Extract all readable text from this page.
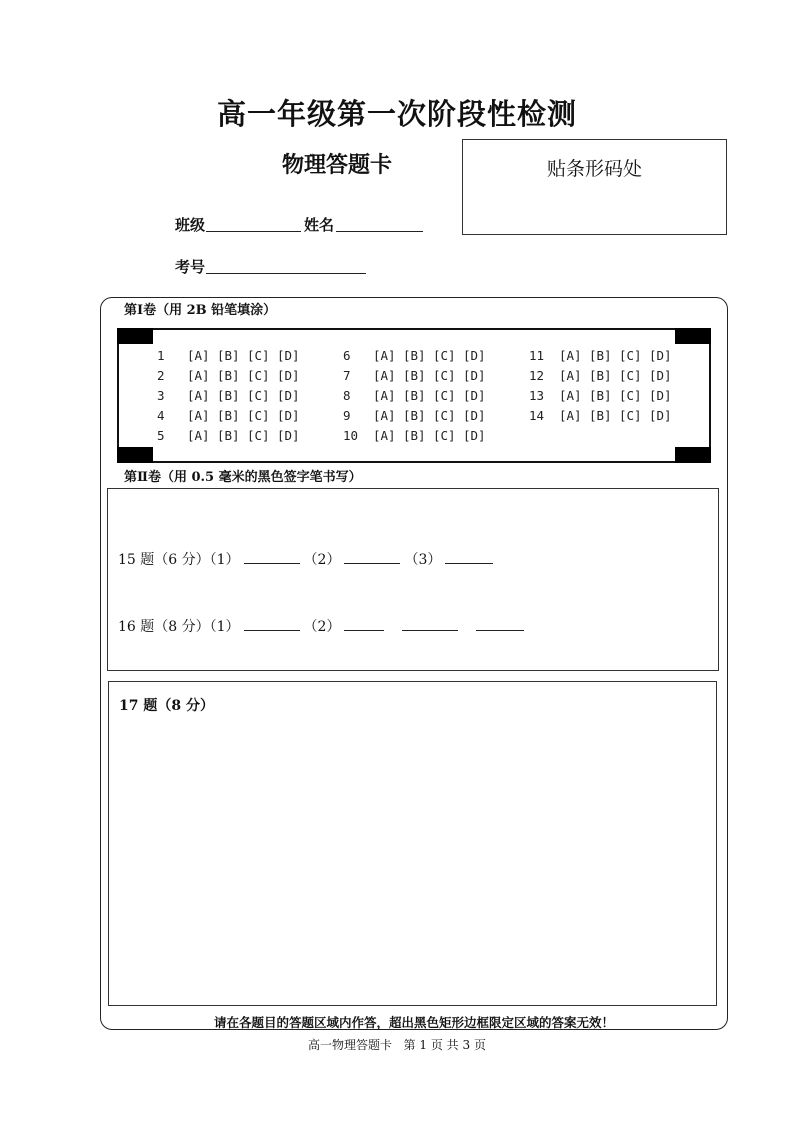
高一年级第一次阶段性检测
物理答题卡	贴条形码处
班级	姓名
考号
第Ⅰ卷（用 2B 铅笔填涂）
1 [A] [B] [C] [D]
2 [A] [B] [C] [D]
3 [A] [B] [C] [D]
4 [A] [B] [C] [D]
5 [A] [B] [C] [D]
6 [A] [B] [C] [D]
7 [A] [B] [C] [D]
8 [A] [B] [C] [D]
9 [A] [B] [C] [D]
10 [A] [B] [C] [D]
11 [A] [B] [C] [D]
12 [A] [B] [C] [D]
13 [A] [B] [C] [D]
14 [A] [B] [C] [D]
第Ⅱ卷（用 0.5 毫米的黑色签字笔书写）
15 题（6 分）（1）	（2）	（3）
16 题（8 分）（1）	（2）
17 题（8 分）
请在各题目的答题区域内作答，超出黑色矩形边框限定区域的答案无效！
高一物理答题卡 第 1 页 共 3 页
